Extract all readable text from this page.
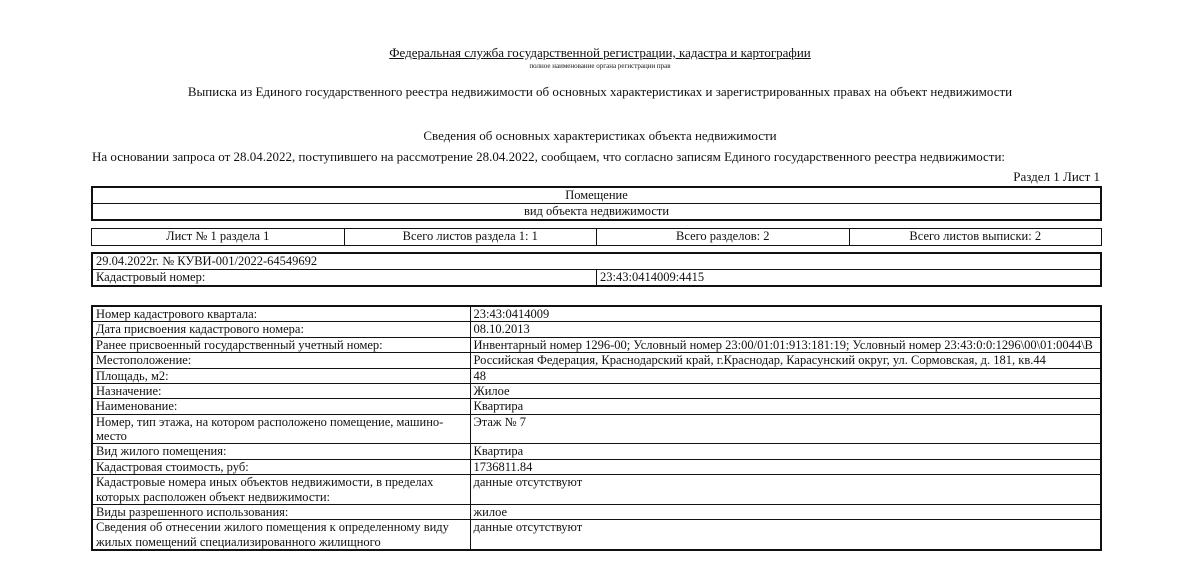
Федеральная служба государственной регистрации, кадастра и картографии
полное наименование органа регистрации прав
Выписка из Единого государственного реестра недвижимости об основных характеристиках и зарегистрированных правах на объект недвижимости
Сведения об основных характеристиках объекта недвижимости
На основании запроса от 28.04.2022, поступившего на рассмотрение 28.04.2022, сообщаем, что согласно записям Единого государственного реестра недвижимости:
Раздел 1 Лист 1
Помещение
вид объекта недвижимости
Лист № 1 раздела 1	Всего листов раздела 1: 1	Всего разделов: 2	Всего листов выписки: 2
29.04.2022г. № КУВИ-001/2022-64549692
Кадастровый номер:	23:43:0414009:4415
Номер кадастрового квартала:	23:43:0414009
Дата присвоения кадастрового номера:	08.10.2013
Ранее присвоенный государственный учетный номер:	Инвентарный номер 1296-00; Условный номер 23:00/01:01:913:181:19; Условный номер 23:43:0:0:1296\00\01:0044\В
Местоположение:	Российская Федерация, Краснодарский край, г.Краснодар, Карасунский округ, ул. Сормовская, д. 181, кв.44
Площадь, м2:	48
Назначение:	Жилое
Наименование:	Квартира
Номер, тип этажа, на котором расположено помещение, машино-место	Этаж № 7
Вид жилого помещения:	Квартира
Кадастровая стоимость, руб:	1736811.84
Кадастровые номера иных объектов недвижимости, в пределах которых расположен объект недвижимости:	данные отсутствуют
Виды разрешенного использования:	жилое
Сведения об отнесении жилого помещения к определенному виду жилых помещений специализированного жилищного	данные отсутствуют
